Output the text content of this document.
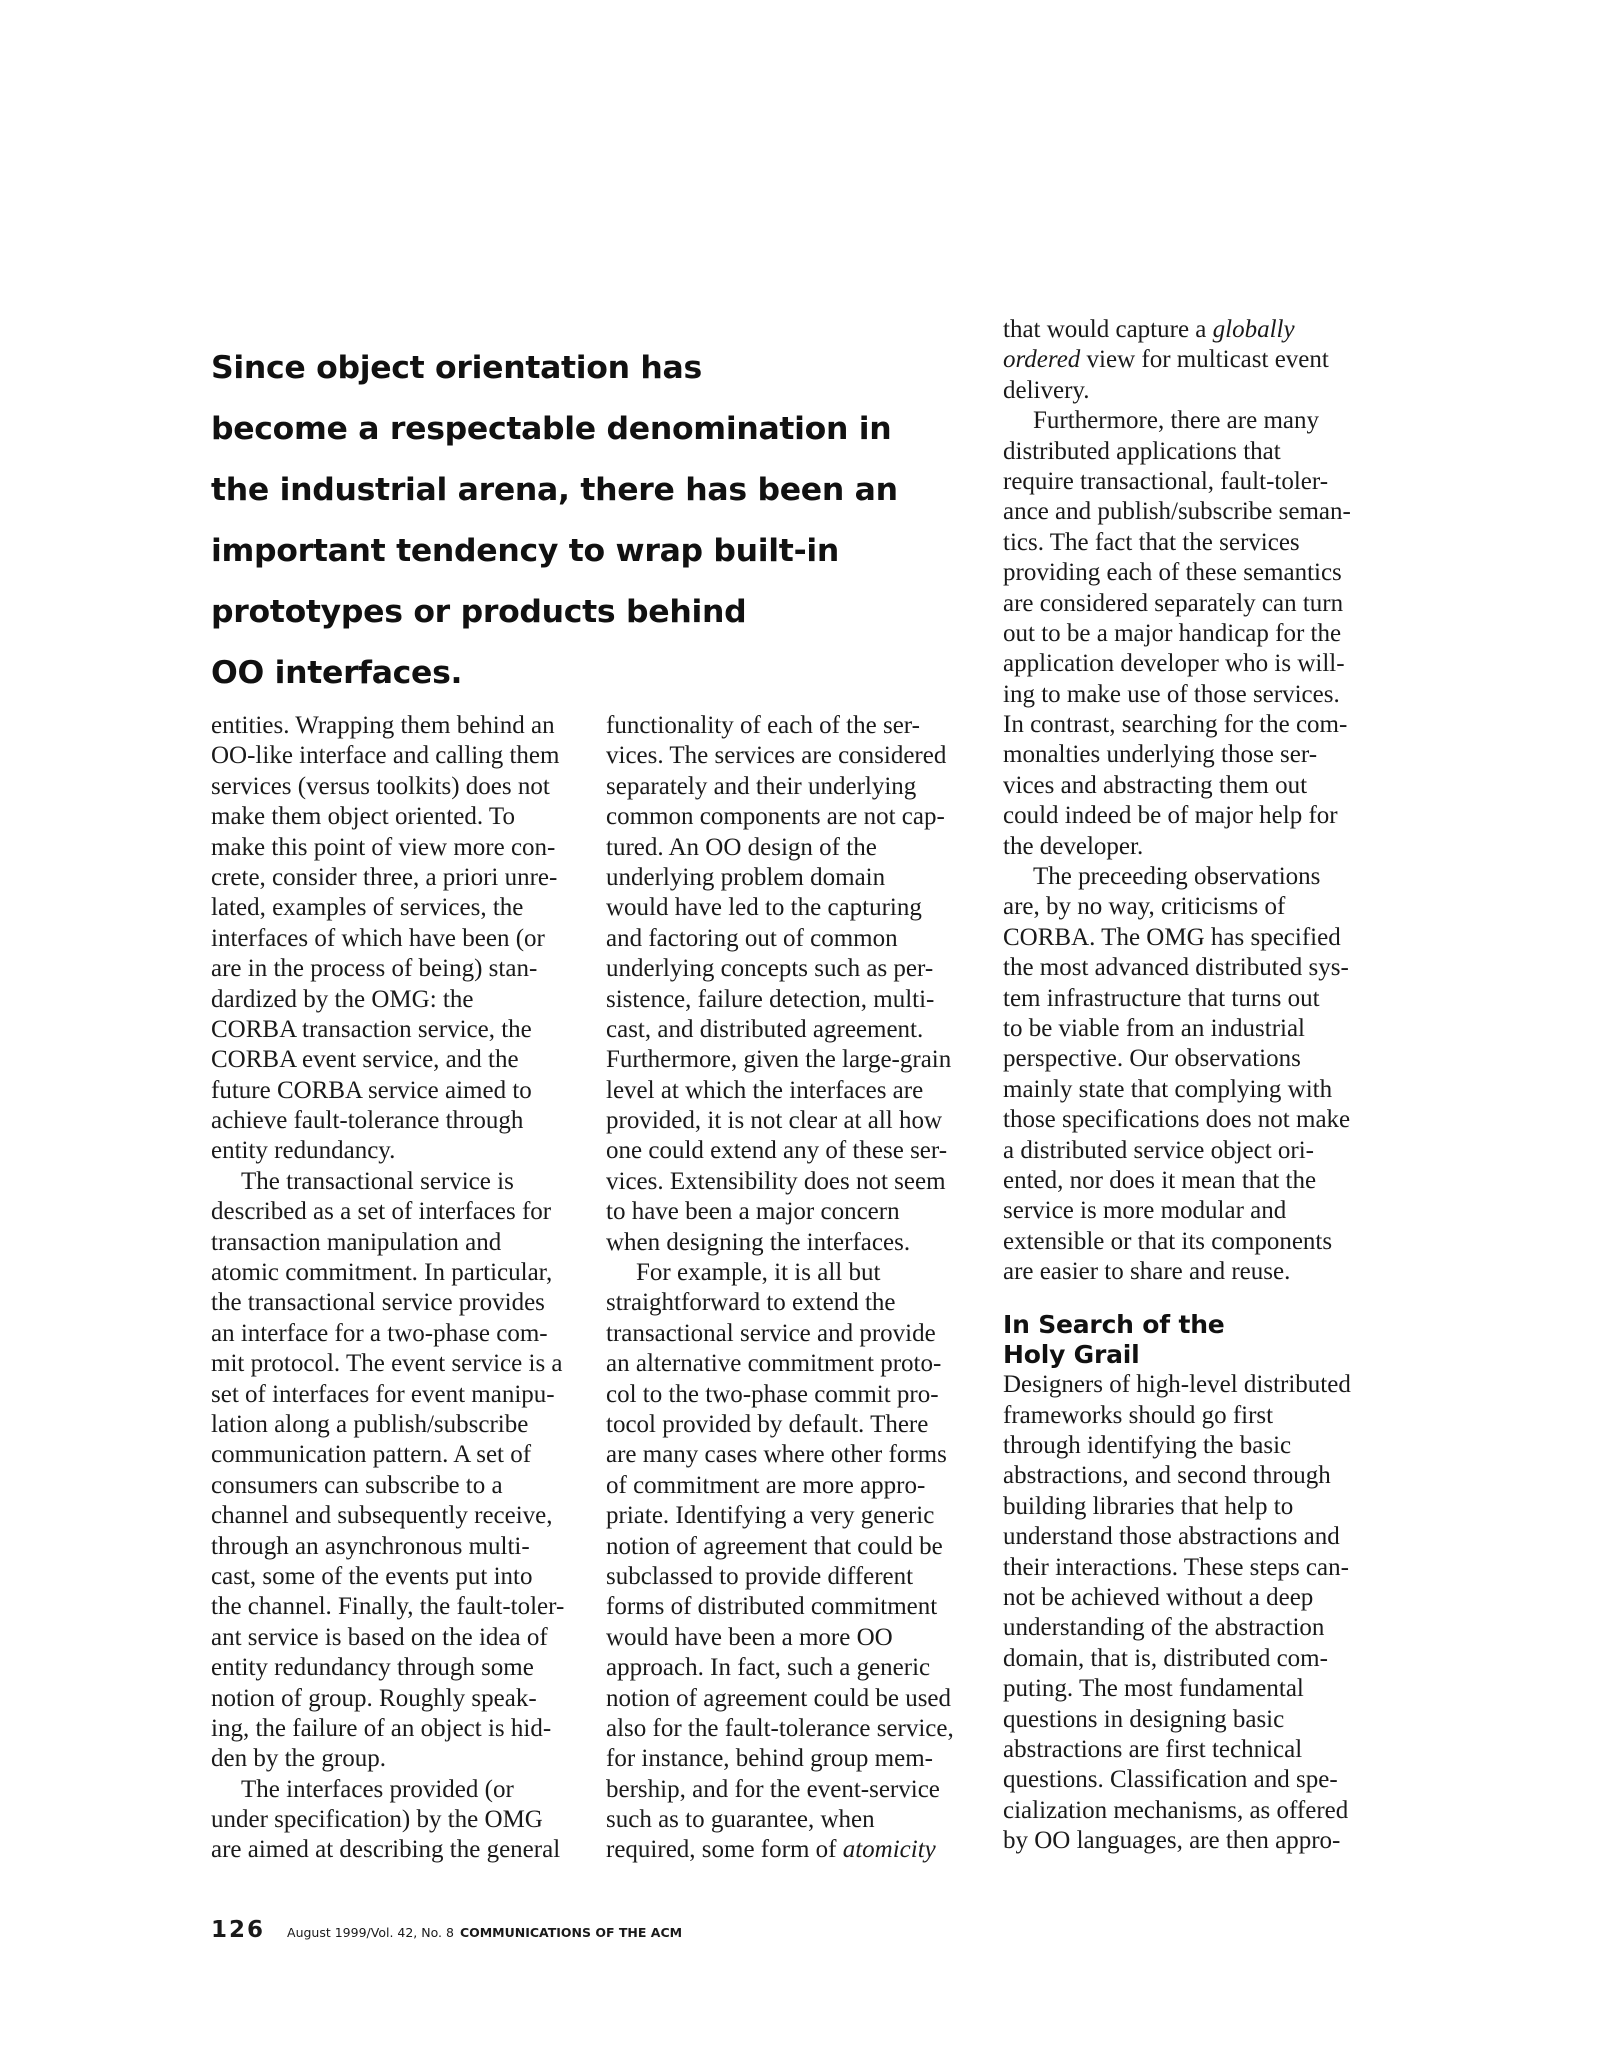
Since object orientation has
become a respectable denomination in
the industrial arena, there has been an
important tendency to wrap built-in
prototypes or products behind
OO interfaces.
entities. Wrapping them behind an
OO-like interface and calling them
services (versus toolkits) does not
make them object oriented. To
make this point of view more con-
crete, consider three, a priori unre-
lated, examples of services, the
interfaces of which have been (or
are in the process of being) stan-
dardized by the OMG: the
CORBA transaction service, the
CORBA event service, and the
future CORBA service aimed to
achieve fault-tolerance through
entity redundancy.
The transactional service is
described as a set of interfaces for
transaction manipulation and
atomic commitment. In particular,
the transactional service provides
an interface for a two-phase com-
mit protocol. The event service is a
set of interfaces for event manipu-
lation along a publish/subscribe
communication pattern. A set of
consumers can subscribe to a
channel and subsequently receive,
through an asynchronous multi-
cast, some of the events put into
the channel. Finally, the fault-toler-
ant service is based on the idea of
entity redundancy through some
notion of group. Roughly speak-
ing, the failure of an object is hid-
den by the group.
The interfaces provided (or
under specification) by the OMG
are aimed at describing the general
functionality of each of the ser-
vices. The services are considered
separately and their underlying
common components are not cap-
tured. An OO design of the
underlying problem domain
would have led to the capturing
and factoring out of common
underlying concepts such as per-
sistence, failure detection, multi-
cast, and distributed agreement.
Furthermore, given the large-grain
level at which the interfaces are
provided, it is not clear at all how
one could extend any of these ser-
vices. Extensibility does not seem
to have been a major concern
when designing the interfaces.
For example, it is all but
straightforward to extend the
transactional service and provide
an alternative commitment proto-
col to the two-phase commit pro-
tocol provided by default. There
are many cases where other forms
of commitment are more appro-
priate. Identifying a very generic
notion of agreement that could be
subclassed to provide different
forms of distributed commitment
would have been a more OO
approach. In fact, such a generic
notion of agreement could be used
also for the fault-tolerance service,
for instance, behind group mem-
bership, and for the event-service
such as to guarantee, when
required, some form of atomicity
that would capture a globally
ordered view for multicast event
delivery.
Furthermore, there are many
distributed applications that
require transactional, fault-toler-
ance and publish/subscribe seman-
tics. The fact that the services
providing each of these semantics
are considered separately can turn
out to be a major handicap for the
application developer who is will-
ing to make use of those services.
In contrast, searching for the com-
monalties underlying those ser-
vices and abstracting them out
could indeed be of major help for
the developer.
The preceeding observations
are, by no way, criticisms of
CORBA. The OMG has specified
the most advanced distributed sys-
tem infrastructure that turns out
to be viable from an industrial
perspective. Our observations
mainly state that complying with
those specifications does not make
a distributed service object ori-
ented, nor does it mean that the
service is more modular and
extensible or that its components
are easier to share and reuse.
In Search of the
Holy Grail
Designers of high-level distributed
frameworks should go first
through identifying the basic
abstractions, and second through
building libraries that help to
understand those abstractions and
their interactions. These steps can-
not be achieved without a deep
understanding of the abstraction
domain, that is, distributed com-
puting. The most fundamental
questions in designing basic
abstractions are first technical
questions. Classification and spe-
cialization mechanisms, as offered
by OO languages, are then appro-
126 August 1999/Vol. 42, No. 8 COMMUNICATIONS OF THE ACM
